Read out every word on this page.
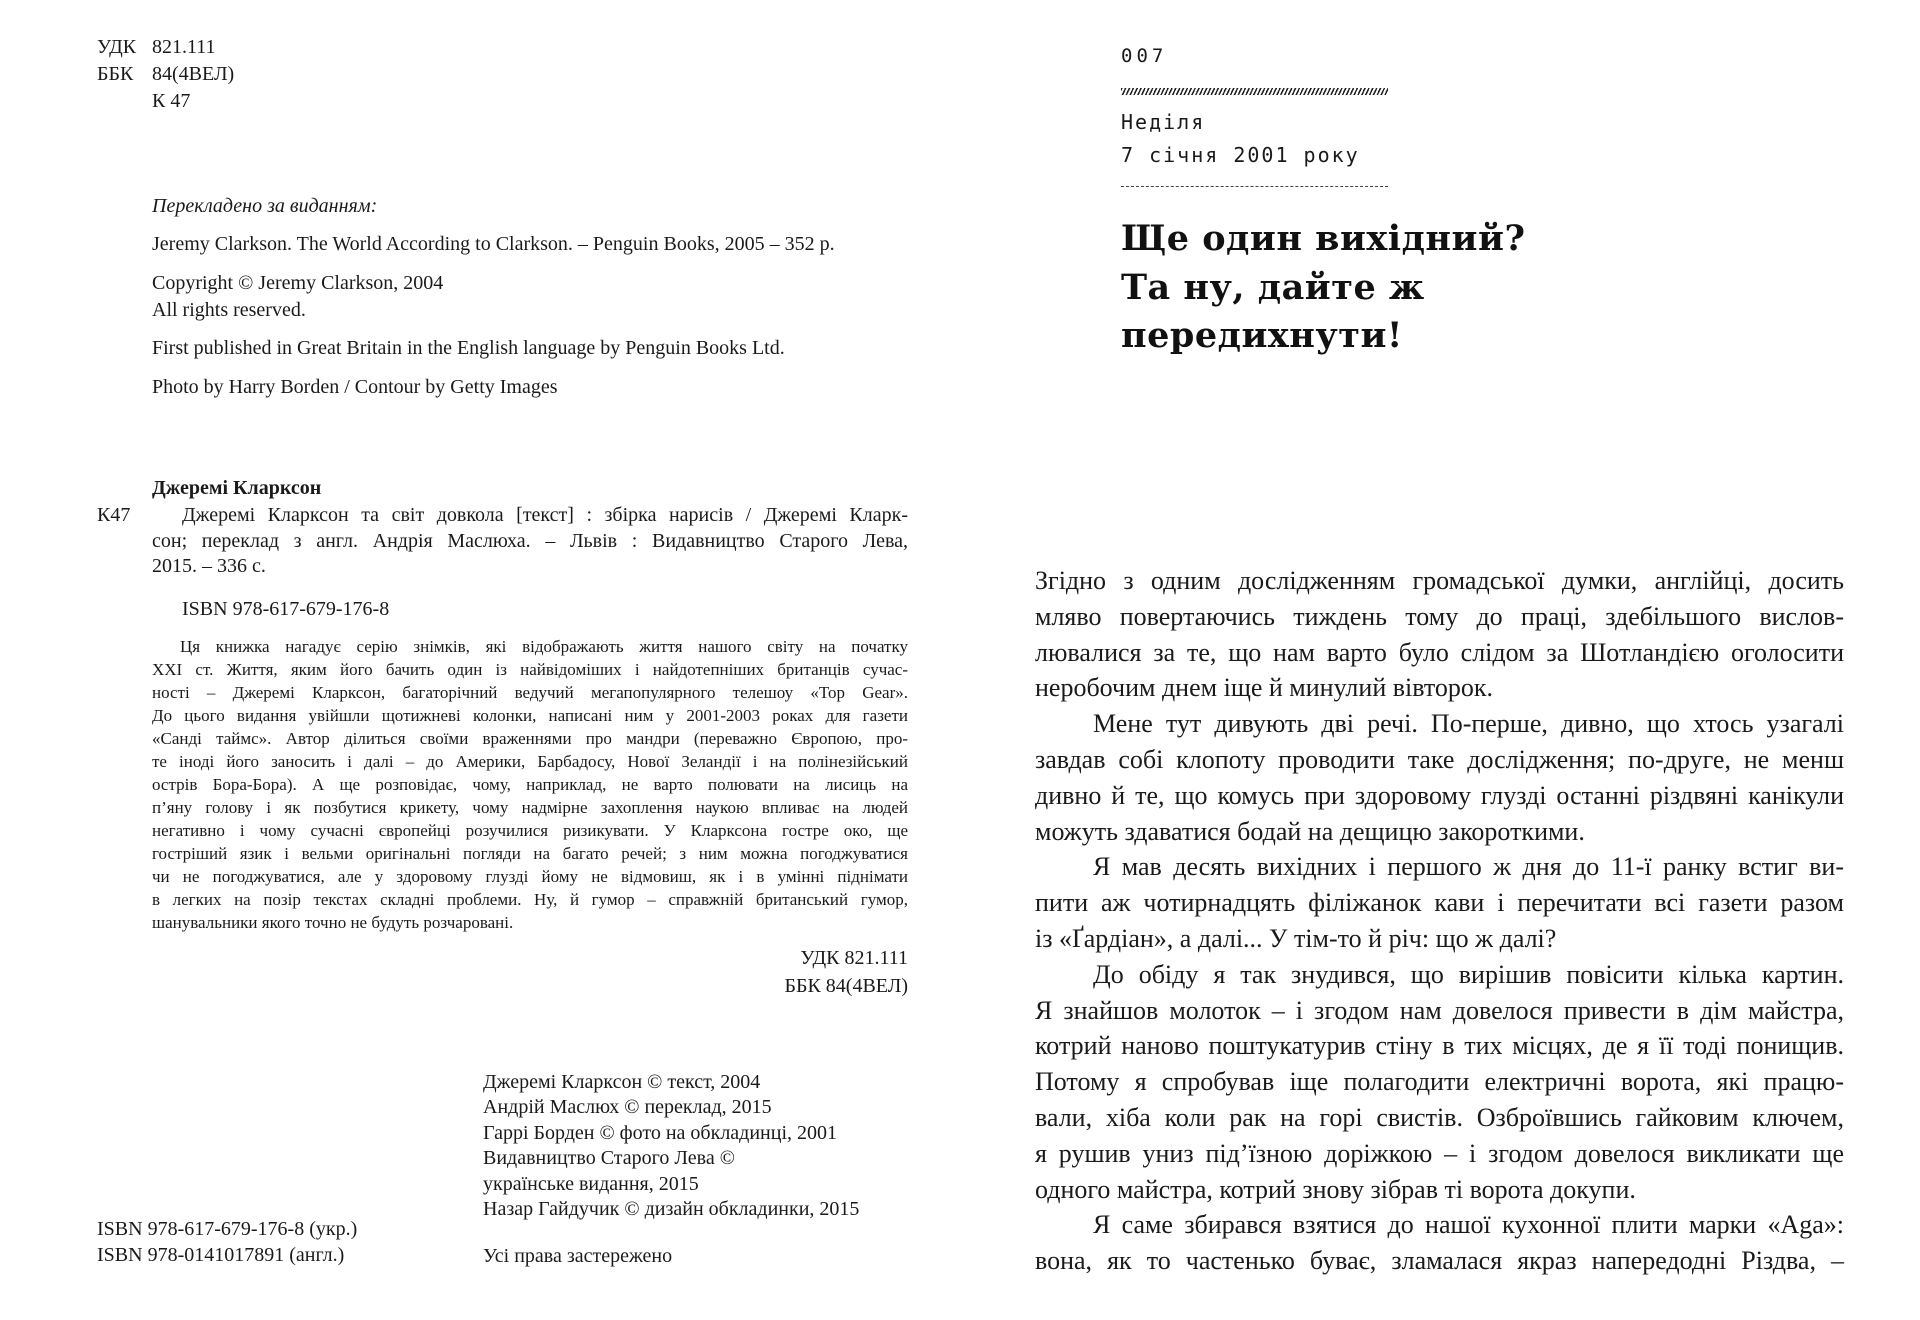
УДК 821.111
ББК 84(4ВЕЛ)
К 47
Перекладено за виданням:
Jeremy Clarkson. The World According to Clarkson. – Penguin Books, 2005 – 352 p.
Copyright © Jeremy Clarkson, 2004
All rights reserved.
First published in Great Britain in the English language by Penguin Books Ltd.
Photo by Harry Borden / Contour by Getty Images
Джеремі Кларксон
К47	Джеремі Кларксон та світ довкола [текст] : збірка нарисів / Джеремі Кларк-
сон; переклад з англ. Андрія Маслюха. – Львів : Видавництво Старого Лева,
2015. – 336 с.
ISBN 978-617-679-176-8
Ця книжка нагадує серію знімків, які відображають життя нашого світу на початку
XXI ст. Життя, яким його бачить один із найвідоміших і найдотепніших британців сучас-
ності – Джеремі Кларксон, багаторічний ведучий мегапопулярного телешоу «Top Gear».
До цього видання увійшли щотижневі колонки, написані ним у 2001-2003 роках для газети
«Санді таймс». Автор ділиться своїми враженнями про мандри (переважно Європою, про-
те іноді його заносить і далі – до Америки, Барбадосу, Нової Зеландії і на полінезійський
острів Бора-Бора). А ще розповідає, чому, наприклад, не варто полювати на лисиць на
п’яну голову і як позбутися крикету, чому надмірне захоплення наукою впливає на людей
негативно і чому сучасні європейці розучилися ризикувати. У Кларксона гостре око, ще
гостріший язик і вельми оригінальні погляди на багато речей; з ним можна погоджуватися
чи не погоджуватися, але у здоровому глузді йому не відмовиш, як і в умінні піднімати
в легких на позір текстах складні проблеми. Ну, й гумор – справжній британський гумор,
шанувальники якого точно не будуть розчаровані.
УДК 821.111
ББК 84(4ВЕЛ)
Джеремі Кларксон © текст, 2004
Андрій Маслюх © переклад, 2015
Гаррі Борден © фото на обкладинці, 2001
Видавництво Старого Лева ©
українське видання, 2015
Назар Гайдучик © дизайн обкладинки, 2015
ISBN 978-617-679-176-8 (укр.)
ISBN 978-0141017891 (англ.)	Усі права застережено
007
Неділя
7 січня 2001 року
Ще один вихідний?
Та ну, дайте ж
передихнути!
Згідно з одним дослідженням громадської думки, англійці, досить
мляво повертаючись тиждень тому до праці, здебільшого вислов-
лювалися за те, що нам варто було слідом за Шотландією оголосити
неробочим днем іще й минулий вівторок.
Мене тут дивують дві речі. По-перше, дивно, що хтось узагалі
завдав собі клопоту проводити таке дослідження; по-друге, не менш
дивно й те, що комусь при здоровому глузді останні різдвяні канікули
можуть здаватися бодай на дещицю закороткими.
Я мав десять вихідних і першого ж дня до 11-ї ранку встиг ви-
пити аж чотирнадцять філіжанок кави і перечитати всі газети разом
із «Ґардіан», а далі... У тім-то й річ: що ж далі?
До обіду я так знудився, що вирішив повісити кілька картин.
Я знайшов молоток – і згодом нам довелося привести в дім майстра,
котрий наново поштукатурив стіну в тих місцях, де я її тоді понищив.
Потому я спробував іще полагодити електричні ворота, які працю-
вали, хіба коли рак на горі свистів. Озброївшись гайковим ключем,
я рушив униз під’їзною доріжкою – і згодом довелося викликати ще
одного майстра, котрий знову зібрав ті ворота докупи.
Я саме збирався взятися до нашої кухонної плити марки «Aga»:
вона, як то частенько буває, зламалася якраз напередодні Різдва, –
